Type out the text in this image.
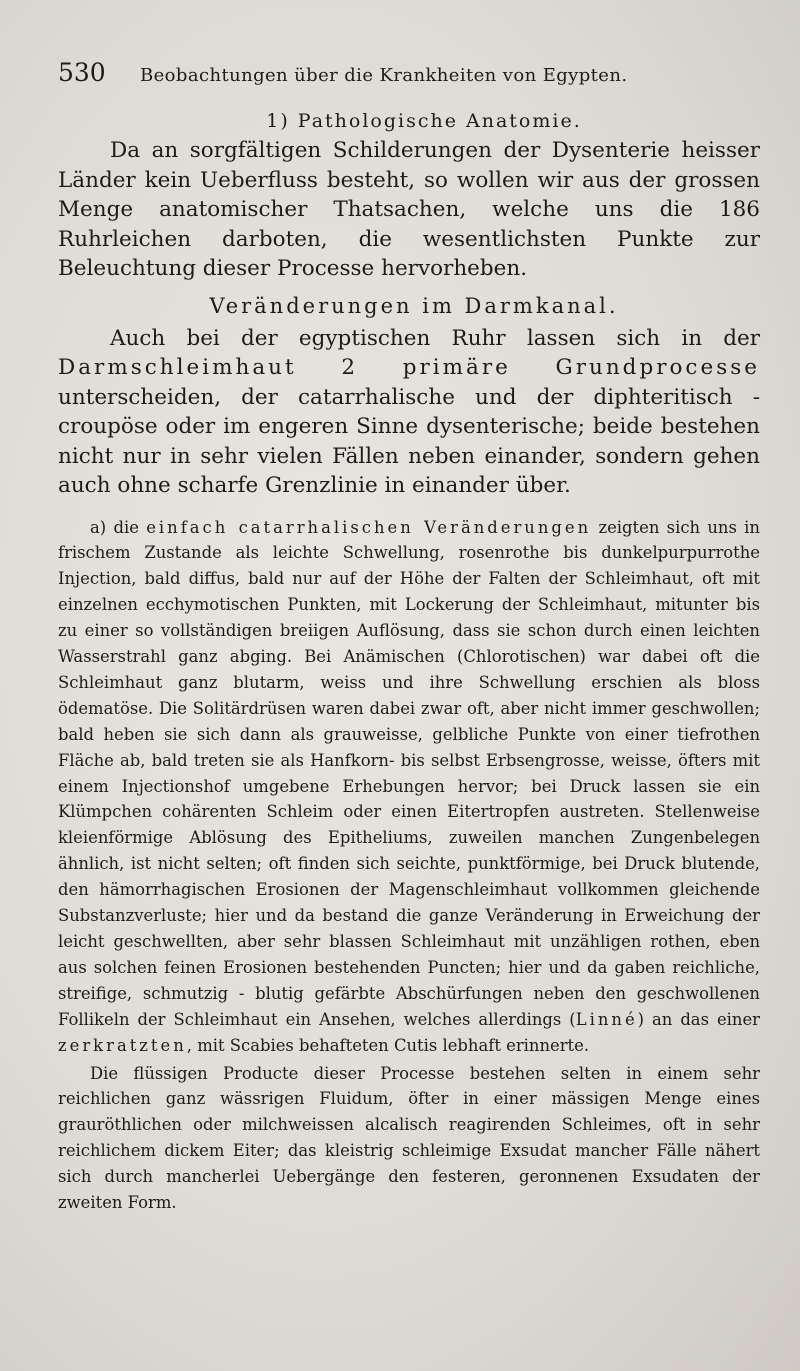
530	Beobachtungen über die Krankheiten von Egypten.
1) Pathologische Anatomie.

Da an sorgfältigen Schilderungen der Dysenterie heisser Länder kein Ueberfluss besteht, so wollen wir aus der grossen Menge anatomischer Thatsachen, welche uns die 186 Ruhrleichen darboten, die wesentlichsten Punkte zur Beleuchtung dieser Processe hervorheben.

Veränderungen im Darmkanal.

Auch bei der egyptischen Ruhr lassen sich in der Darmschleimhaut 2 primäre Grundprocesse unterscheiden, der catarrhalische und der diphteritisch - croupöse oder im engeren Sinne dysenterische; beide bestehen nicht nur in sehr vielen Fällen neben einander, sondern gehen auch ohne scharfe Grenzlinie in einander über.

a) die einfach catarrhalischen Veränderungen zeigten sich uns in frischem Zustande als leichte Schwellung, rosenrothe bis dunkelpurpurrothe Injection, bald diffus, bald nur auf der Höhe der Falten der Schleimhaut, oft mit einzelnen ecchymotischen Punkten, mit Lockerung der Schleimhaut, mitunter bis zu einer so vollständigen breiigen Auflösung, dass sie schon durch einen leichten Wasserstrahl ganz abging. Bei Anämischen (Chlorotischen) war dabei oft die Schleimhaut ganz blutarm, weiss und ihre Schwellung erschien als bloss ödematöse. Die Solitärdrüsen waren dabei zwar oft, aber nicht immer geschwollen; bald heben sie sich dann als grauweisse, gelbliche Punkte von einer tiefrothen Fläche ab, bald treten sie als Hanfkorn- bis selbst Erbsengrosse, weisse, öfters mit einem Injectionshof umgebene Erhebungen hervor; bei Druck lassen sie ein Klümpchen cohärenten Schleim oder einen Eitertropfen austreten. Stellenweise kleienförmige Ablösung des Epitheliums, zuweilen manchen Zungenbelegen ähnlich, ist nicht selten; oft finden sich seichte, punktförmige, bei Druck blutende, den hämorrhagischen Erosionen der Magenschleimhaut vollkommen gleichende Substanzverluste; hier und da bestand die ganze Veränderung in Erweichung der leicht geschwellten, aber sehr blassen Schleimhaut mit unzähligen rothen, eben aus solchen feinen Erosionen bestehenden Puncten; hier und da gaben reichliche, streifige, schmutzig - blutig gefärbte Abschürfungen neben den geschwollenen Follikeln der Schleimhaut ein Ansehen, welches allerdings (Linné) an das einer zerkratzten, mit Scabies behafteten Cutis lebhaft erinnerte.

Die flüssigen Producte dieser Processe bestehen selten in einem sehr reichlichen ganz wässrigen Fluidum, öfter in einer mässigen Menge eines grauröthlichen oder milchweissen alcalisch reagirenden Schleimes, oft in sehr reichlichem dickem Eiter; das kleistrig schleimige Exsudat mancher Fälle nähert sich durch mancherlei Uebergänge den festeren, geronnenen Exsudaten der zweiten Form.
